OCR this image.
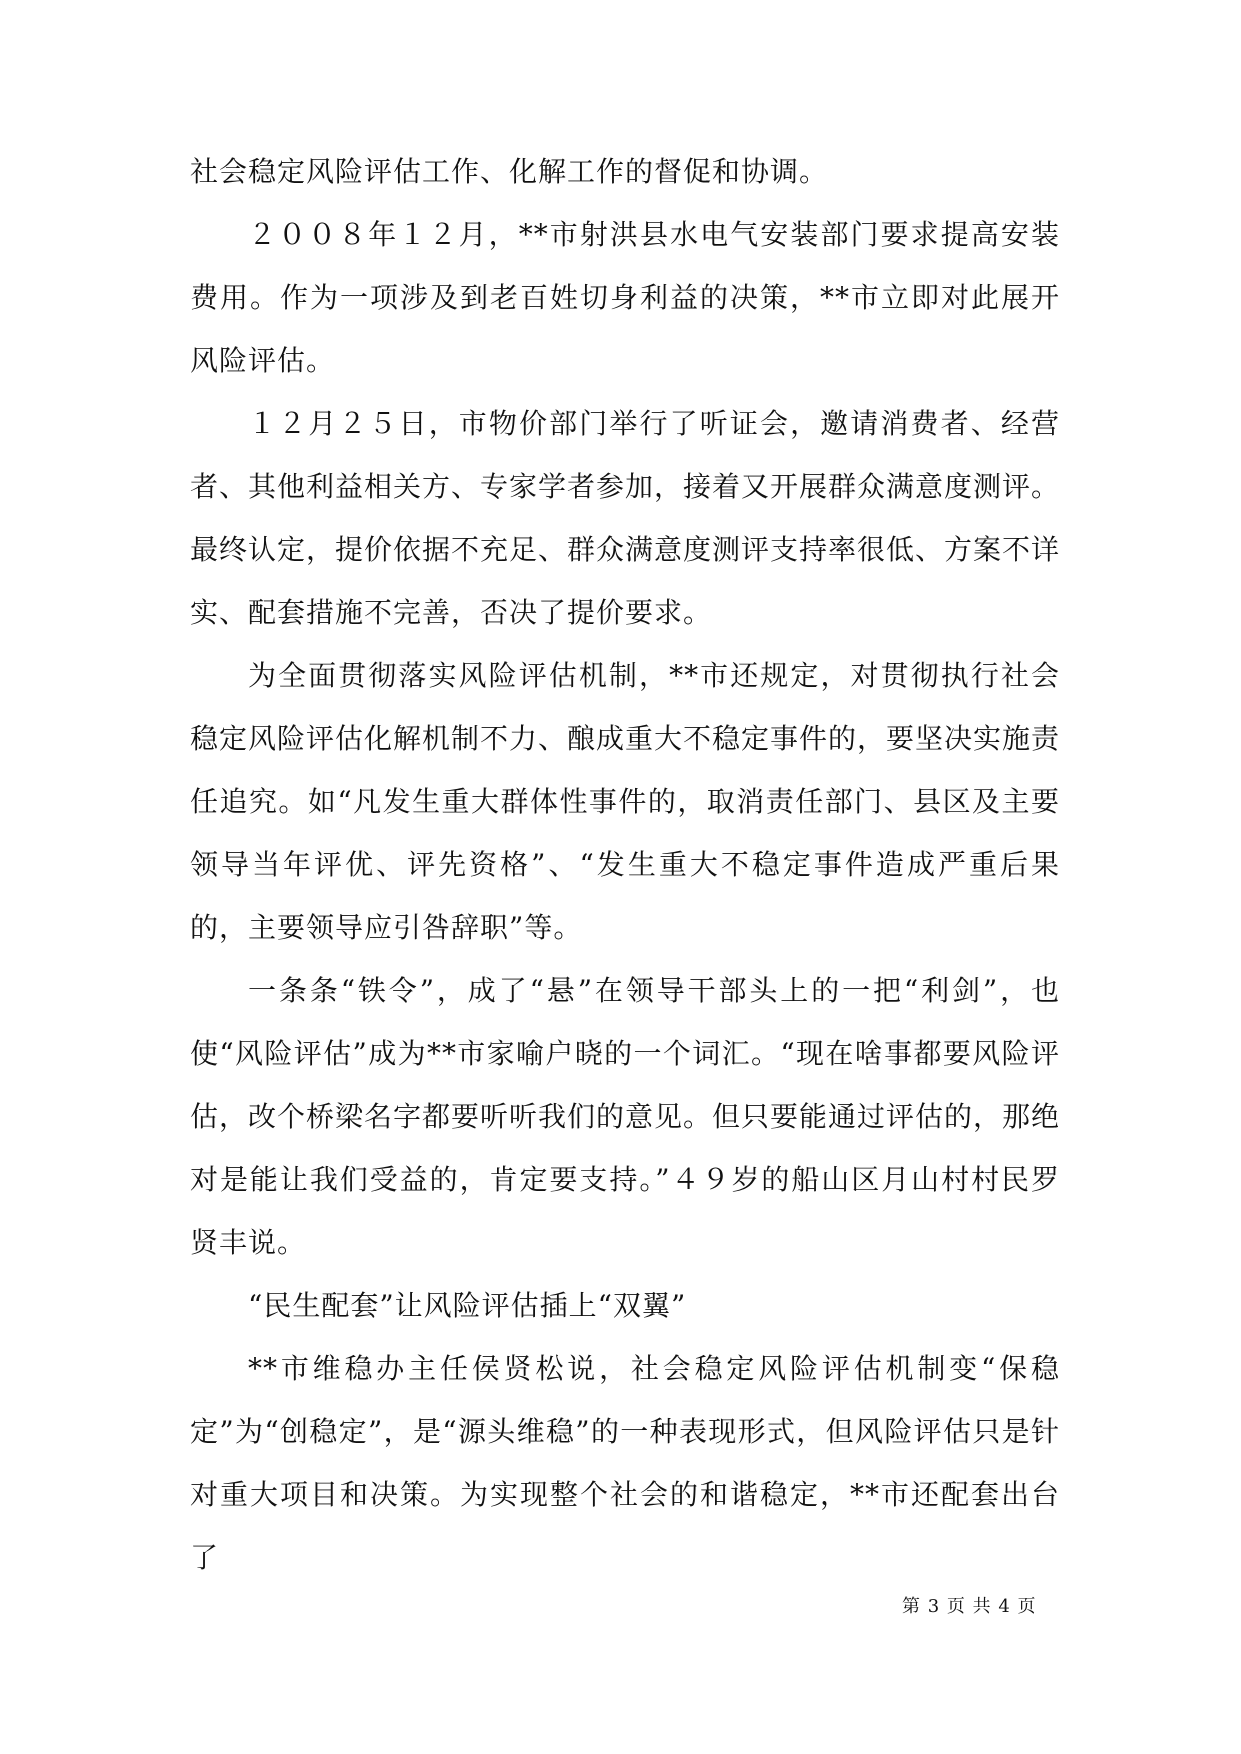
社会稳定风险评估工作、化解工作的督促和协调。

２００８年１２月，**市射洪县水电气安装部门要求提高安装费用。作为一项涉及到老百姓切身利益的决策，**市立即对此展开风险评估。

１２月２５日，市物价部门举行了听证会，邀请消费者、经营者、其他利益相关方、专家学者参加，接着又开展群众满意度测评。最终认定，提价依据不充足、群众满意度测评支持率很低、方案不详实、配套措施不完善，否决了提价要求。

为全面贯彻落实风险评估机制，**市还规定，对贯彻执行社会稳定风险评估化解机制不力、酿成重大不稳定事件的，要坚决实施责任追究。如“凡发生重大群体性事件的，取消责任部门、县区及主要领导当年评优、评先资格”、“发生重大不稳定事件造成严重后果的，主要领导应引咎辞职”等。

一条条“铁令”，成了“悬”在领导干部头上的一把“利剑”，也使“风险评估”成为**市家喻户晓的一个词汇。“现在啥事都要风险评估，改个桥梁名字都要听听我们的意见。但只要能通过评估的，那绝对是能让我们受益的，肯定要支持。”４９岁的船山区月山村村民罗贤丰说。

“民生配套”让风险评估插上“双翼”

**市维稳办主任侯贤松说，社会稳定风险评估机制变“保稳定”为“创稳定”，是“源头维稳”的一种表现形式，但风险评估只是针对重大项目和决策。为实现整个社会的和谐稳定，**市还配套出台了

第 3 页 共 4 页
